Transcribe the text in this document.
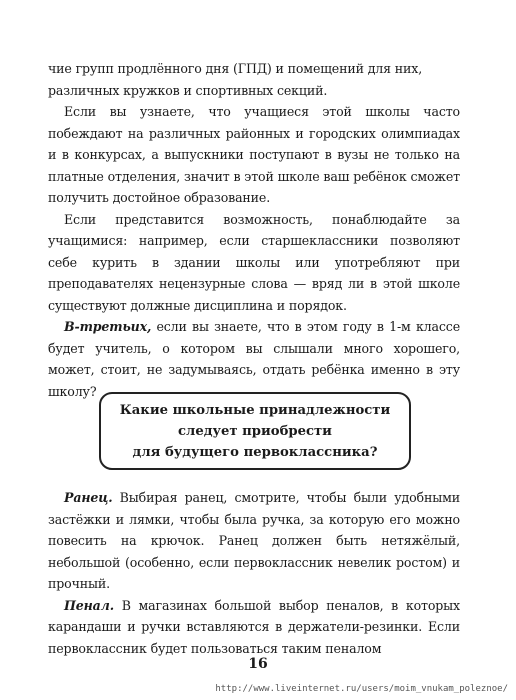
чие групп продлённого дня (ГПД) и помещений для них,

различных кружков и спортивных секций.

Если вы узнаете, что учащиеся этой школы часто побеждают на различных районных и городских олимпиадах и в конкурсах, а выпускники поступают в вузы не только на платные отделения, значит в этой школе ваш ребёнок сможет получить достойное образование.

Если представится возможность, понаблюдайте за учащимися: например, если старшеклассники позволяют себе курить в здании школы или употребляют при преподавателях нецензурные слова — вряд ли в этой школе существуют должные дисциплина и порядок.

В-третьих, если вы знаете, что в этом году в 1-м классе будет учитель, о котором вы слышали много хорошего, может, стоит, не задумываясь, отдать ребёнка именно в эту школу?

Какие школьные принадлежности
следует приобрести
для будущего первоклассника?

Ранец. Выбирая ранец, смотрите, чтобы были удобными застёжки и лямки, чтобы была ручка, за которую его можно повесить на крючок. Ранец должен быть нетяжёлый, небольшой (особенно, если первоклассник невелик ростом) и прочный.

Пенал. В магазинах большой выбор пеналов, в которых карандаши и ручки вставляются в держатели-резинки. Если первоклассник будет пользоваться таким пеналом

16
http://www.liveinternet.ru/users/moim_vnukam_poleznoe/
